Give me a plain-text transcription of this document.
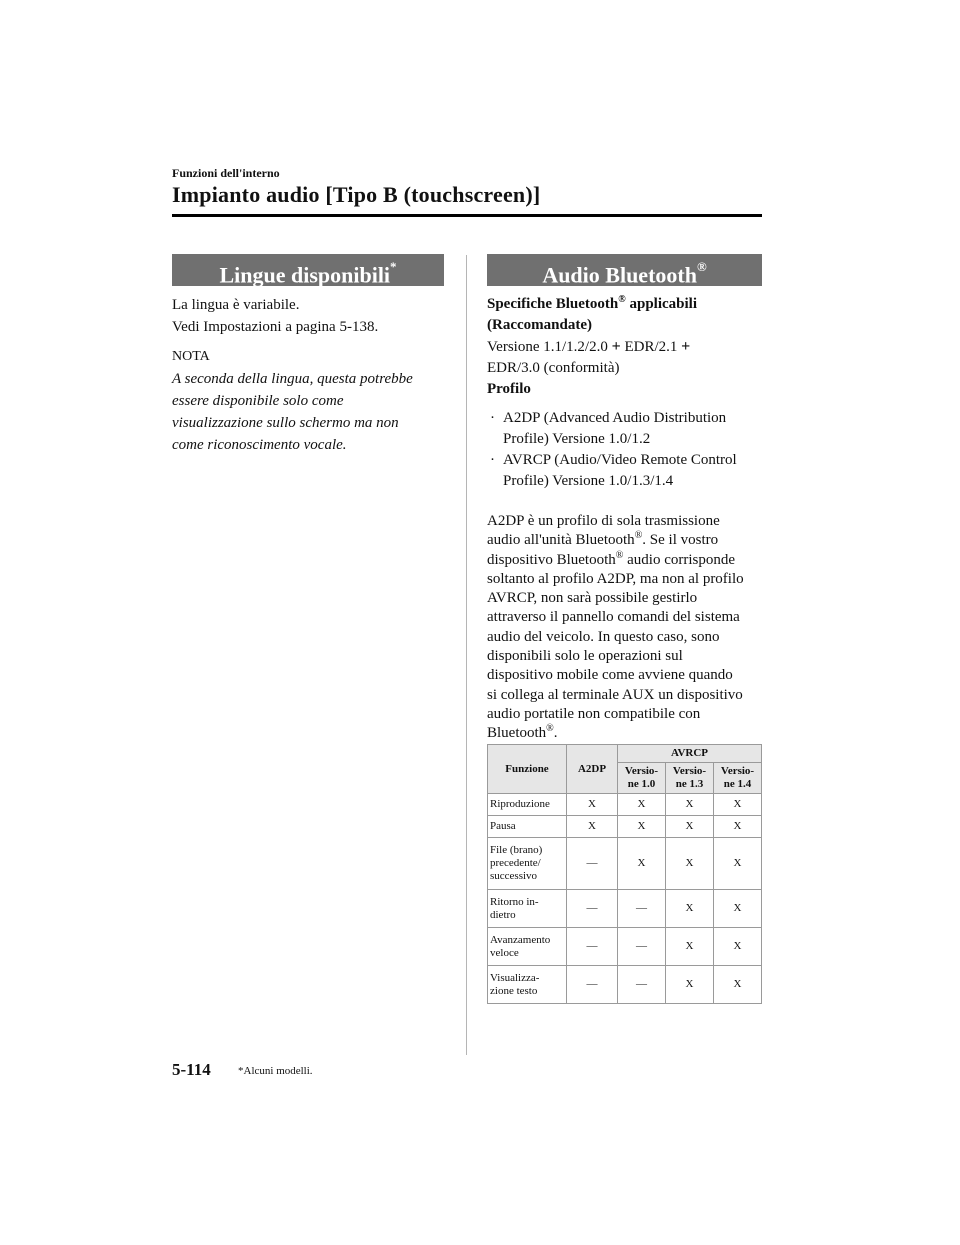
Funzioni dell'interno
Impianto audio [Tipo B (touchscreen)]
Lingue disponibili*	Audio Bluetooth®

La lingua è variabile.

Vedi Impostazioni a pagina 5-138.

NOTA

A seconda della lingua, questa potrebbe

essere disponibile solo come

visualizzazione sullo schermo ma non

come riconoscimento vocale.

Specifiche Bluetooth® applicabili

(Raccomandate)

Versione 1.1/1.2/2.0 + EDR/2.1 +

EDR/3.0 (conformità)

Profilo

· A2DP (Advanced Audio Distribution
Profile) Versione 1.0/1.2
· AVRCP (Audio/Video Remote Control
Profile) Versione 1.0/1.3/1.4

A2DP è un profilo di sola trasmissione
audio all'unità Bluetooth®. Se il vostro
dispositivo Bluetooth® audio corrisponde
soltanto al profilo A2DP, ma non al profilo
AVRCP, non sarà possibile gestirlo
attraverso il pannello comandi del sistema
audio del veicolo. In questo caso, sono
disponibili solo le operazioni sul
dispositivo mobile come avviene quando
si collega al terminale AUX un dispositivo
audio portatile non compatibile con
Bluetooth®.

Funzione	A2DP	AVRCP		
		Versio-
ne 1.0	Versio-
ne 1.3	Versio-
ne 1.4
Riproduzione	X	X	X	X
Pausa	X	X	X	X
File (brano)
precedente/
successivo	—	X	X	X
Ritorno in-
dietro	—	—	X	X
Avanzamento
veloce	—	—	X	X
Visualizza-
zione testo	—	—	X	X
5-114 *Alcuni modelli.
